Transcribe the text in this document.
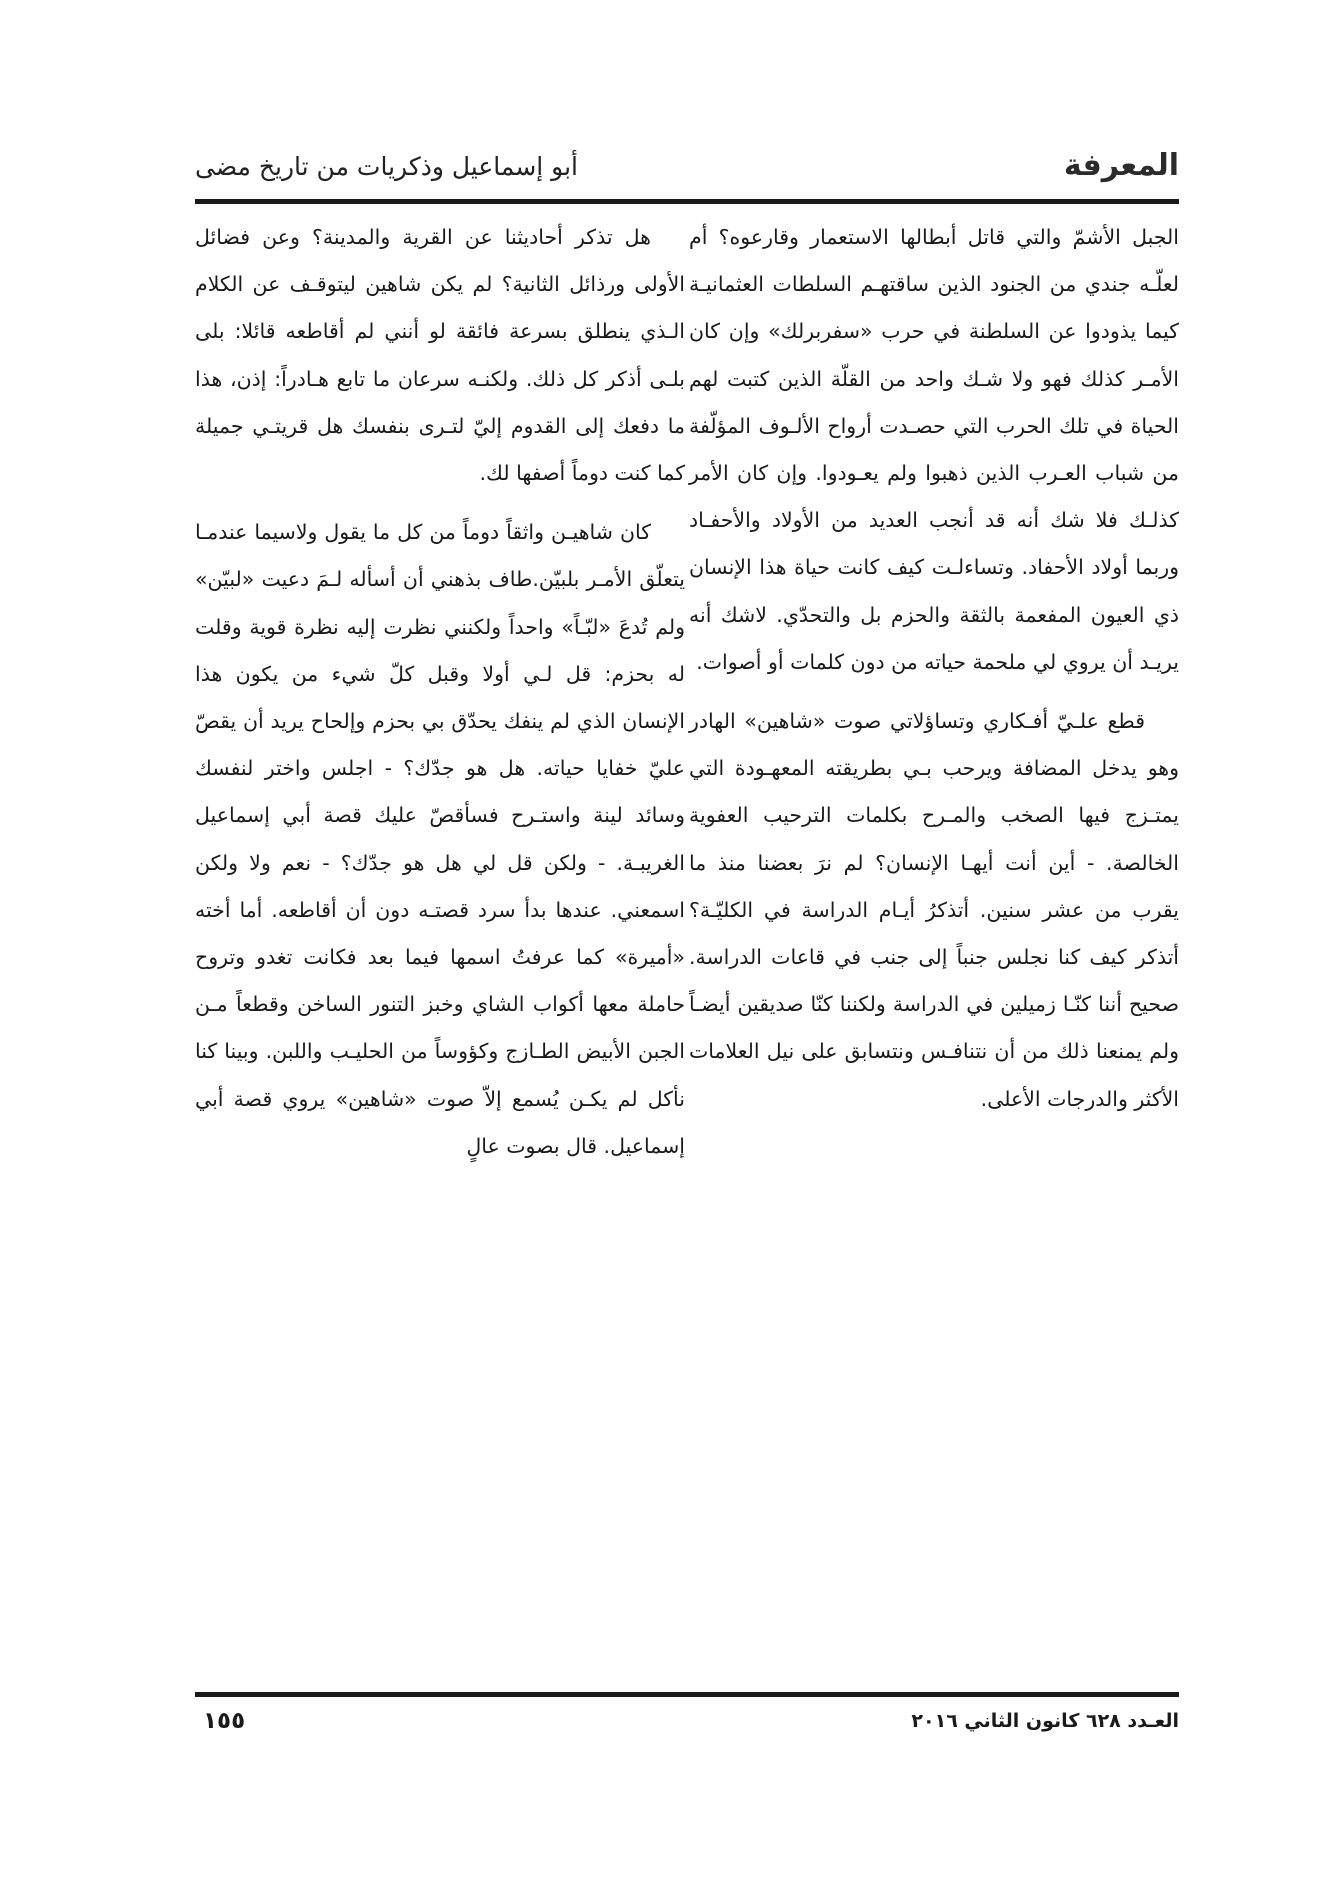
المعرفة
أبو إسماعيل وذكريات من تاريخ مضى

الجبل الأشمّ والتي قاتل أبطالها الاستعمار وقارعوه؟ أم لعلّـه جندي من الجنود الذين ساقتهـم السلطات العثمانيـة كيما يذودوا عن السلطنة في حرب «سفربرلك» وإن كان الأمـر كذلك فهو ولا شـك واحد من القلّة الذين كتبت لهم الحياة في تلك الحرب التي حصـدت أرواح الألـوف المؤلّفة من شباب العـرب الذين ذهبوا ولم يعـودوا. وإن كان الأمر كذلـك فلا شك أنه قد أنجب العديد من الأولاد والأحفـاد وربما أولاد الأحفاد. وتساءلـت كيف كانت حياة هذا الإنسان ذي العيون المفعمة بالثقة والحزم بل والتحدّي. لاشك أنه يريـد أن يروي لي ملحمة حياته من دون كلمات أو أصوات.

قطع علـيّ أفـكاري وتساؤلاتي صوت «شاهين» الهادر وهو يدخل المضافة ويرحب بـي بطريقته المعهـودة التي يمتـزج فيها الصخب والمـرح بكلمات الترحيب العفوية الخالصة. - أين أنت أيهـا الإنسان؟ لم نرَ بعضنا منذ ما يقرب من عشر سنين. أتذكرُ أيـام الدراسة في الكليّـة؟ أتذكر كيف كنا نجلس جنباً إلى جنب في قاعات الدراسة. صحيح أننا كنّـا زميلين في الدراسة ولكننا كنّا صديقين أيضـاً ولم يمنعنا ذلك من أن نتنافـس ونتسابق على نيل العلامات الأكثر والدرجات الأعلى.

هل تذكر أحاديثنا عن القرية والمدينة؟ وعن فضائل الأولى ورذائل الثانية؟ لم يكن شاهين ليتوقـف عن الكلام الـذي ينطلق بسرعة فائقة لو أنني لم أقاطعه قائلا: بلى بلـى أذكر كل ذلك. ولكنـه سرعان ما تابع هـادراً: إذن، هذا ما دفعك إلى القدوم إليّ لتـرى بنفسك هل قريتـي جميلة كما كنت دوماً أصفها لك.

كان شاهيـن واثقاً دوماً من كل ما يقول ولاسيما عندمـا يتعلّق الأمـر بلبيّن.طاف بذهني أن أسأله لـمَ دعيت «لبيّن» ولم تُدعَ «لبّـاً» واحداً ولكنني نظرت إليه نظرة قوية وقلت له بحزم: قل لـي أولا وقبل كلّ شيء من يكون هذا الإنسان الذي لم ينفك يحدّق بي بحزم وإلحاح يريد أن يقصّ عليّ خفايا حياته. هل هو جدّك؟ - اجلس واختر لنفسك وسائد لينة واستـرح فسأقصّ عليك قصة أبي إسماعيل الغريبـة. - ولكن قل لي هل هو جدّك؟ - نعم ولا ولكن اسمعني. عندها بدأ سرد قصتـه دون أن أقاطعه. أما أخته «أميرة» كما عرفتُ اسمها فيما بعد فكانت تغدو وتروح حاملة معها أكواب الشاي وخبز التنور الساخن وقطعاً مـن الجبن الأبيض الطـازج وكؤوساً من الحليـب واللبن. وبينا كنا نأكل لم يكـن يُسمع إلاّ صوت «شاهين» يروي قصة أبي إسماعيل. قال بصوت عالٍ

العـدد ٦٢٨ كانون الثاني ٢٠١٦
١٥٥
